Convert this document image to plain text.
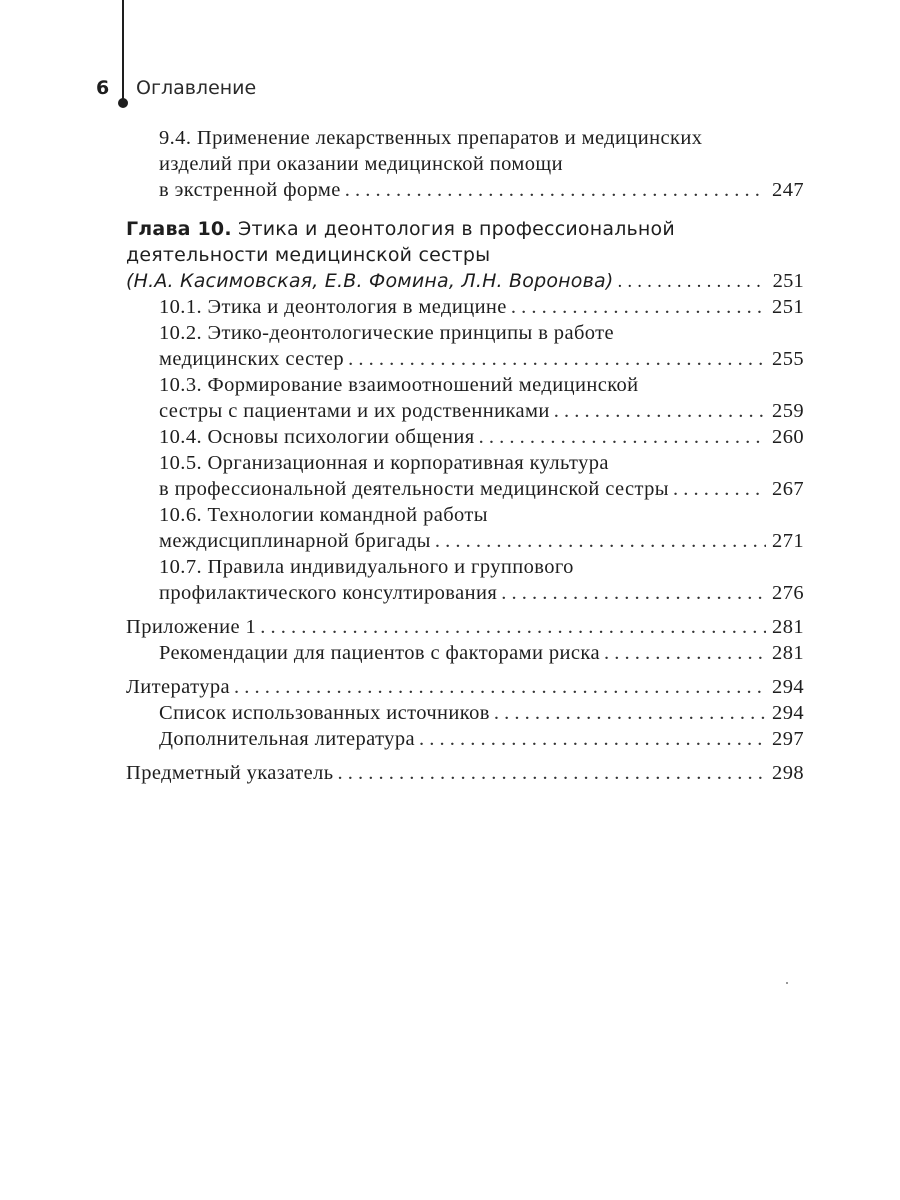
6 Оглавление
9.4. Применение лекарственных препаратов и медицинских
изделий при оказании медицинской помощи
в экстренной форме . . .	247
Глава 10. Этика и деонтология в профессиональной
деятельности медицинской сестры
(Н.А. Касимовская, Е.В. Фомина, Л.Н. Воронова) . . .	251
10.1. Этика и деонтология в медицине . . .	251
10.2. Этико-деонтологические принципы в работе
медицинских сестер . . .	255
10.3. Формирование взаимоотношений медицинской
сестры с пациентами и их родственниками . . .	259
10.4. Основы психологии общения . . .	260
10.5. Организационная и корпоративная культура
в профессиональной деятельности медицинской сестры . . .	267
10.6. Технологии командной работы
междисциплинарной бригады . . .	271
10.7. Правила индивидуального и группового
профилактического консултирования . . .	276
Приложение 1 . . .	281
Рекомендации для пациентов с факторами риска . . .	281
Литература . . .	294
Список использованных источников . . .	294
Дополнительная литература . . .	297
Предметный указатель . . .	298
